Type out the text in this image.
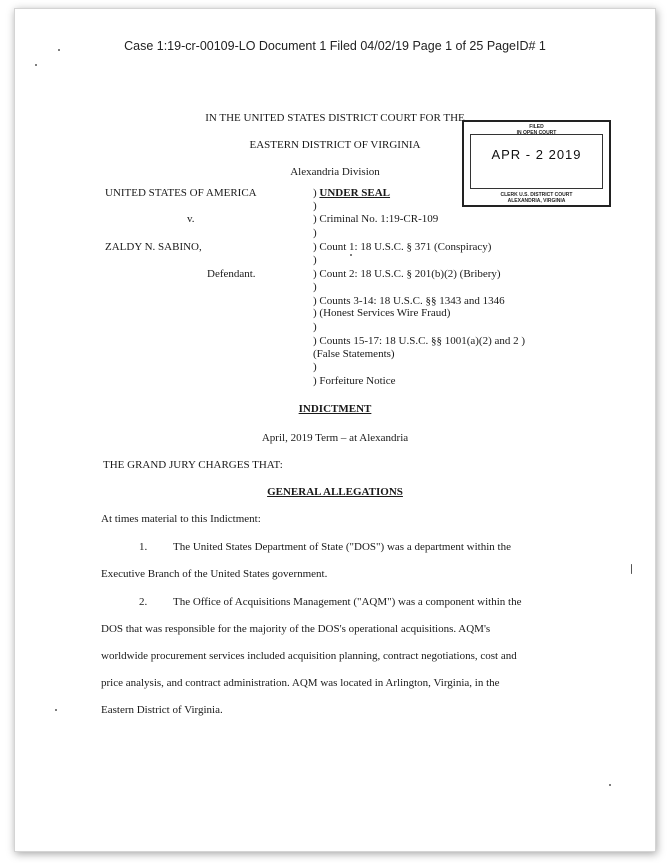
Case 1:19-cr-00109-LO Document 1 Filed 04/02/19 Page 1 of 25 PageID# 1
IN THE UNITED STATES DISTRICT COURT FOR THE
EASTERN DISTRICT OF VIRGINIA
Alexandria Division
FILED
IN OPEN COURT
APR - 2 2019
CLERK U.S. DISTRICT COURT
ALEXANDRIA, VIRGINIA
UNITED STATES OF AMERICA
v.
ZALDY N. SABINO,
Defendant.
) UNDER SEAL
)
) Criminal No. 1:19-CR-109
)
) Count 1: 18 U.S.C. § 371 (Conspiracy)
)
) Count 2: 18 U.S.C. § 201(b)(2) (Bribery)
)
) Counts 3-14: 18 U.S.C. §§ 1343 and 1346
) (Honest Services Wire Fraud)
)
) Counts 15-17: 18 U.S.C. §§ 1001(a)(2) and 2 )
(False Statements)
)
) Forfeiture Notice
INDICTMENT
April, 2019 Term – at Alexandria
THE GRAND JURY CHARGES THAT:
GENERAL ALLEGATIONS
At times material to this Indictment:
1. The United States Department of State ("DOS") was a department within the
Executive Branch of the United States government.
2. The Office of Acquisitions Management ("AQM") was a component within the
DOS that was responsible for the majority of the DOS's operational acquisitions. AQM's
worldwide procurement services included acquisition planning, contract negotiations, cost and
price analysis, and contract administration. AQM was located in Arlington, Virginia, in the
Eastern District of Virginia.
